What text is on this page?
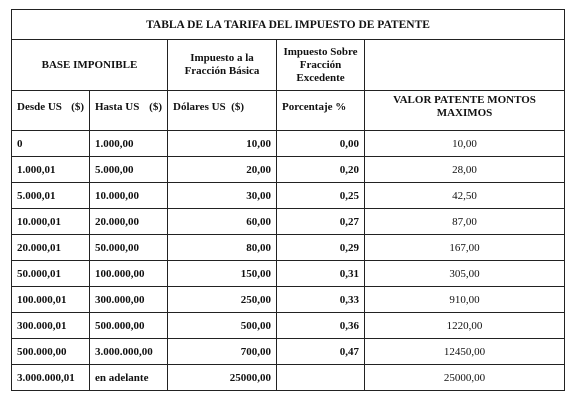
TABLA DE LA TARIFA DEL IMPUESTO DE PATENTE				
BASE IMPONIBLE		Impuesto a la Fracción Básica	Impuesto Sobre Fracción Excedente	

Desde US ($)	Hasta US ($)	Dólares US ($)	Porcentaje %	VALOR PATENTE MONTOS MAXIMOS

0	1.000,00	10,00	0,00	10,00
1.000,01	5.000,00	20,00	0,20	28,00
5.000,01	10.000,00	30,00	0,25	42,50
10.000,01	20.000,00	60,00	0,27	87,00
20.000,01	50.000,00	80,00	0,29	167,00
50.000,01	100.000,00	150,00	0,31	305,00
100.000,01	300.000,00	250,00	0,33	910,00
300.000,01	500.000,00	500,00	0,36	1220,00
500.000,00	3.000.000,00	700,00	0,47	12450,00
3.000.000,01	en adelante	25000,00		25000,00
